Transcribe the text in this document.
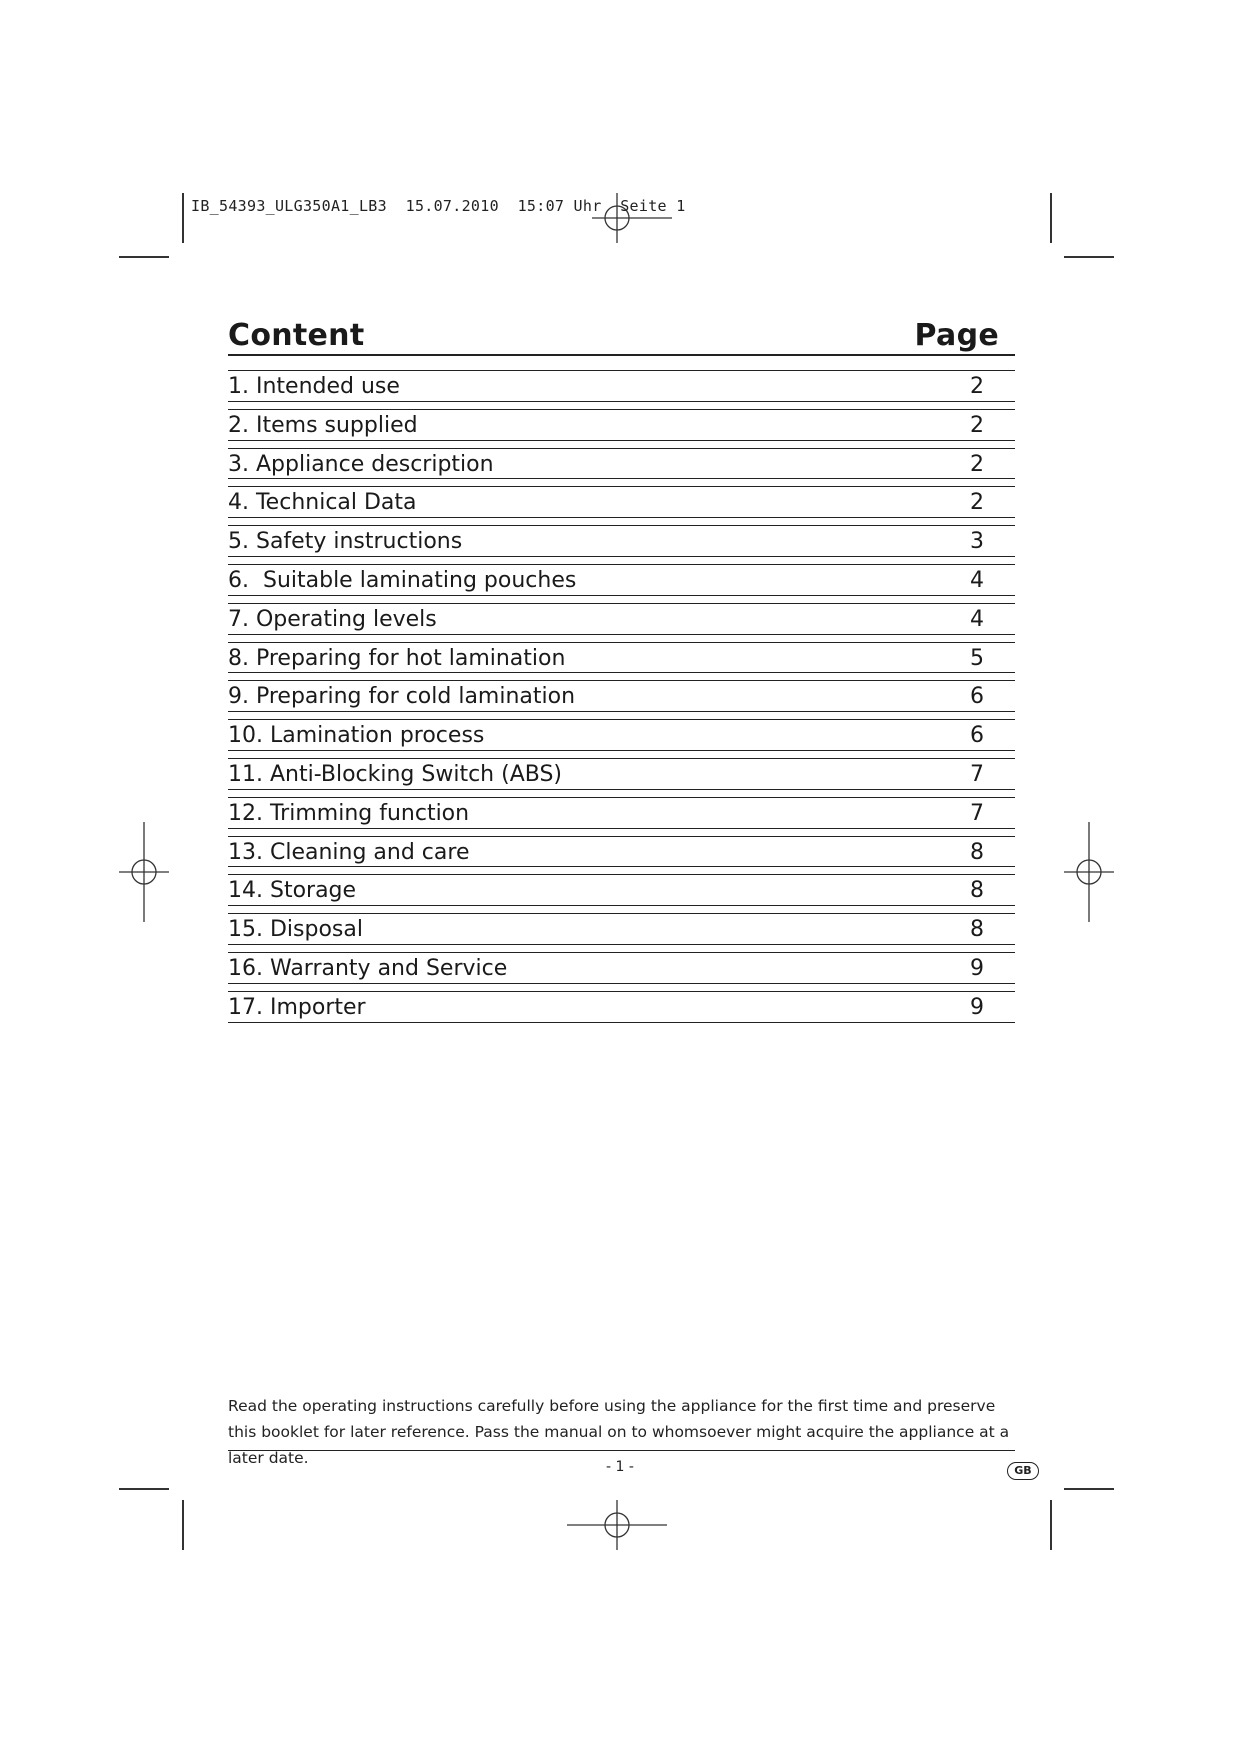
IB_54393_ULG350A1_LB3  15.07.2010  15:07 Uhr  Seite 1
Content	Page
1. Intended use	2
2. Items supplied	2
3. Appliance description	2
4. Technical Data	2
5. Safety instructions	3
6.  Suitable laminating pouches	4
7. Operating levels	4
8. Preparing for hot lamination	5
9. Preparing for cold lamination	6
10. Lamination process	6
11. Anti-Blocking Switch (ABS)	7
12. Trimming function	7
13. Cleaning and care	8
14. Storage	8
15. Disposal	8
16. Warranty and Service	9
17. Importer	9
Read the operating instructions carefully before using the appliance for the first time and preserve this booklet for later reference. Pass the manual on to whomsoever might acquire the appliance at a later date.	- 1 -	GB
